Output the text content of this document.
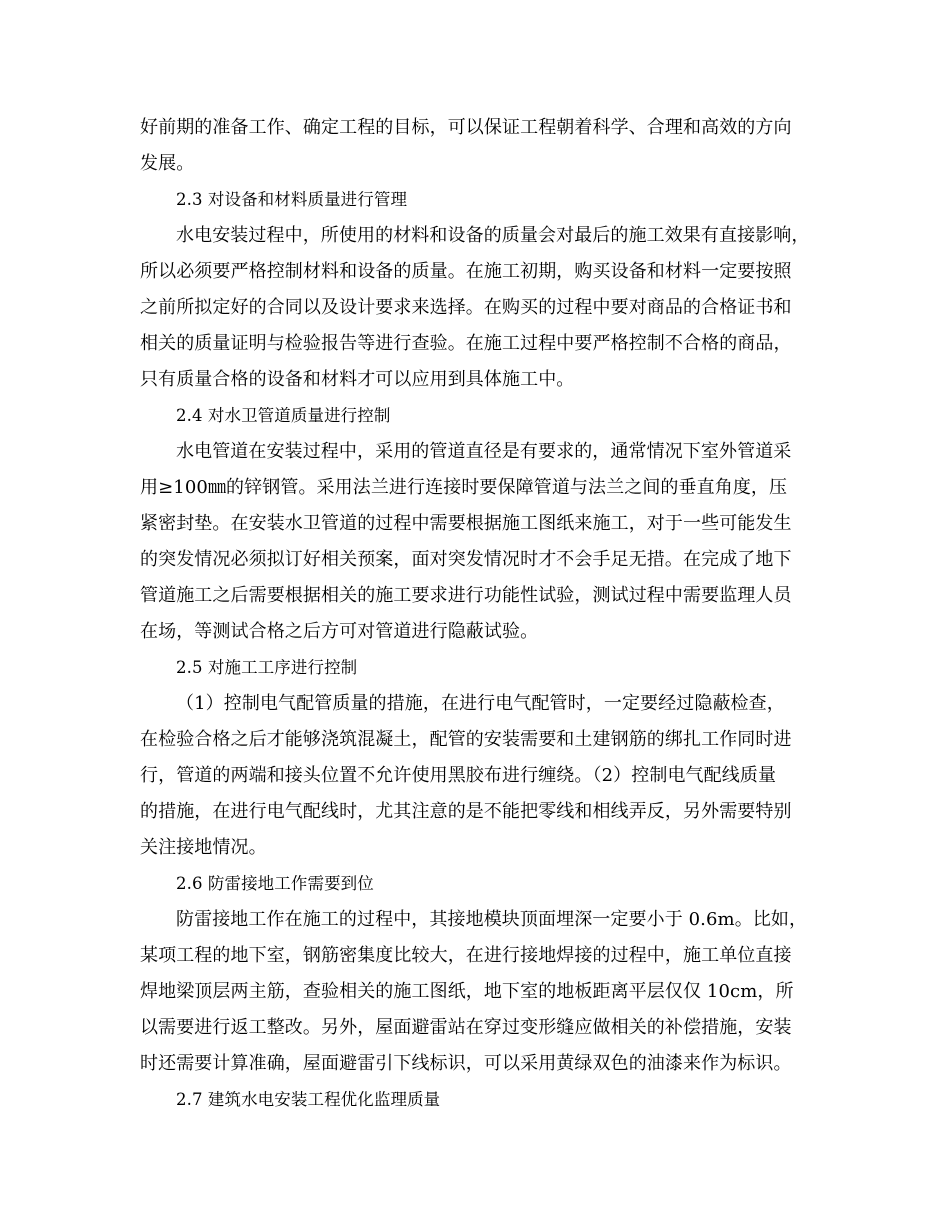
好前期的准备工作、确定工程的目标，可以保证工程朝着科学、合理和高效的方向
发展。
2.3 对设备和材料质量进行管理
水电安装过程中，所使用的材料和设备的质量会对最后的施工效果有直接影响，
所以必须要严格控制材料和设备的质量。在施工初期，购买设备和材料一定要按照
之前所拟定好的合同以及设计要求来选择。在购买的过程中要对商品的合格证书和
相关的质量证明与检验报告等进行查验。在施工过程中要严格控制不合格的商品，
只有质量合格的设备和材料才可以应用到具体施工中。
2.4 对水卫管道质量进行控制
水电管道在安装过程中，采用的管道直径是有要求的，通常情况下室外管道采
用≥100㎜的锌钢管。采用法兰进行连接时要保障管道与法兰之间的垂直角度，压
紧密封垫。在安装水卫管道的过程中需要根据施工图纸来施工，对于一些可能发生
的突发情况必须拟订好相关预案，面对突发情况时才不会手足无措。在完成了地下
管道施工之后需要根据相关的施工要求进行功能性试验，测试过程中需要监理人员
在场，等测试合格之后方可对管道进行隐蔽试验。
2.5 对施工工序进行控制
（1）控制电气配管质量的措施，在进行电气配管时，一定要经过隐蔽检查，
在检验合格之后才能够浇筑混凝土，配管的安装需要和土建钢筋的绑扎工作同时进
行，管道的两端和接头位置不允许使用黑胶布进行缠绕。（2）控制电气配线质量
的措施，在进行电气配线时，尤其注意的是不能把零线和相线弄反，另外需要特别
关注接地情况。
2.6 防雷接地工作需要到位
防雷接地工作在施工的过程中，其接地模块顶面埋深一定要小于 0.6m。比如，
某项工程的地下室，钢筋密集度比较大，在进行接地焊接的过程中，施工单位直接
焊地梁顶层两主筋，查验相关的施工图纸，地下室的地板距离平层仅仅 10cm，所
以需要进行返工整改。另外，屋面避雷站在穿过变形缝应做相关的补偿措施，安装
时还需要计算准确，屋面避雷引下线标识，可以采用黄绿双色的油漆来作为标识。
2.7 建筑水电安装工程优化监理质量
